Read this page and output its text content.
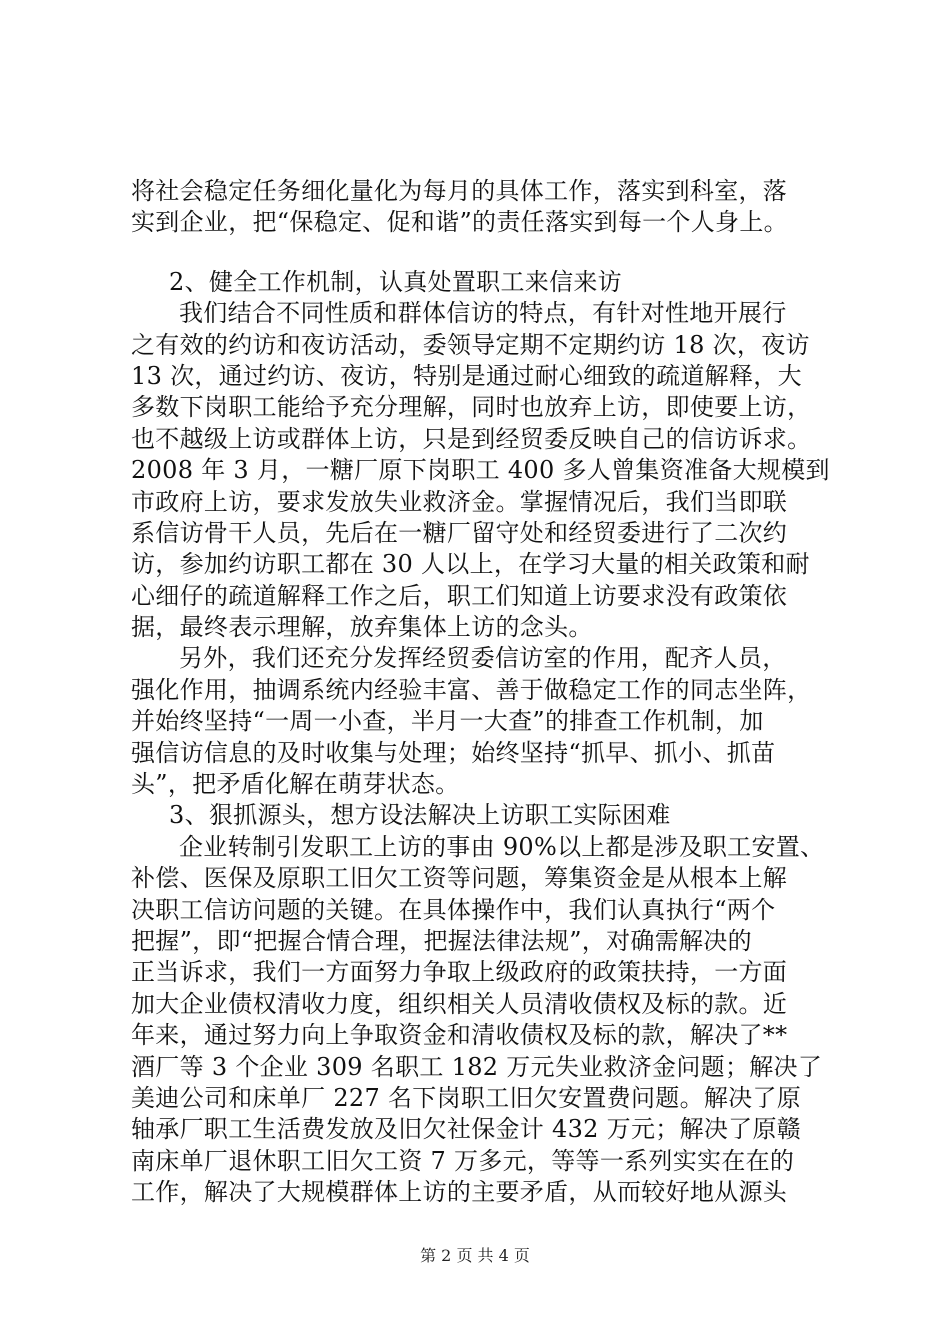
将社会稳定任务细化量化为每月的具体工作，落实到科室，落
实到企业，把“保稳定、促和谐”的责任落实到每一个人身上。
2、健全工作机制，认真处置职工来信来访
我们结合不同性质和群体信访的特点，有针对性地开展行
之有效的约访和夜访活动，委领导定期不定期约访 18 次，夜访
13 次，通过约访、夜访，特别是通过耐心细致的疏道解释，大
多数下岗职工能给予充分理解，同时也放弃上访，即使要上访，
也不越级上访或群体上访，只是到经贸委反映自己的信访诉求。
2008 年 3 月，一糖厂原下岗职工 400 多人曾集资准备大规模到
市政府上访，要求发放失业救济金。掌握情况后，我们当即联
系信访骨干人员，先后在一糖厂留守处和经贸委进行了二次约
访，参加约访职工都在 30 人以上，在学习大量的相关政策和耐
心细仔的疏道解释工作之后，职工们知道上访要求没有政策依
据，最终表示理解，放弃集体上访的念头。
另外，我们还充分发挥经贸委信访室的作用，配齐人员，
强化作用，抽调系统内经验丰富、善于做稳定工作的同志坐阵，
并始终坚持“一周一小查，半月一大查”的排查工作机制，加
强信访信息的及时收集与处理；始终坚持“抓早、抓小、抓苗
头”，把矛盾化解在萌芽状态。
3、狠抓源头，想方设法解决上访职工实际困难
企业转制引发职工上访的事由 90%以上都是涉及职工安置、
补偿、医保及原职工旧欠工资等问题，筹集资金是从根本上解
决职工信访问题的关键。在具体操作中，我们认真执行“两个
把握”，即“把握合情合理，把握法律法规”，对确需解决的
正当诉求，我们一方面努力争取上级政府的政策扶持，一方面
加大企业债权清收力度，组织相关人员清收债权及标的款。近
年来，通过努力向上争取资金和清收债权及标的款，解决了**
酒厂等 3 个企业 309 名职工 182 万元失业救济金问题；解决了
美迪公司和床单厂 227 名下岗职工旧欠安置费问题。解决了原
轴承厂职工生活费发放及旧欠社保金计 432 万元；解决了原赣
南床单厂退休职工旧欠工资 7 万多元，等等一系列实实在在的
工作，解决了大规模群体上访的主要矛盾，从而较好地从源头
第 2 页 共 4 页
